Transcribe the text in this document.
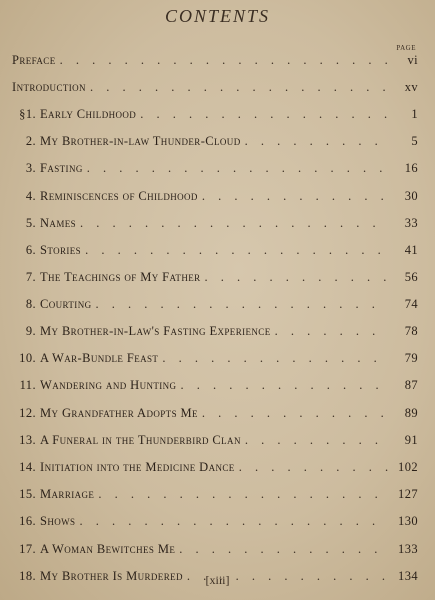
CONTENTS
PAGE
Preface . . .	vi
Introduction . . .	xv
§1. Early Childhood . . .	1
2. My Brother-in-law Thunder-Cloud . . .	5
3. Fasting . . .	16
4. Reminiscences of Childhood . . .	30
5. Names . . .	33
6. Stories . . .	41
7. The Teachings of My Father . . .	56
8. Courting . . .	74
9. My Brother-in-Law's Fasting Experience . . .	78
10. A War-Bundle Feast . . .	79
11. Wandering and Hunting . . .	87
12. My Grandfather Adopts Me . . .	89
13. A Funeral in the Thunderbird Clan . . .	91
14. Initiation into the Medicine Dance . . .	102
15. Marriage . . .	127
16. Shows . . .	130
17. A Woman Bewitches Me . . .	133
18. My Brother Is Murdered . . .	134
[xiii]
